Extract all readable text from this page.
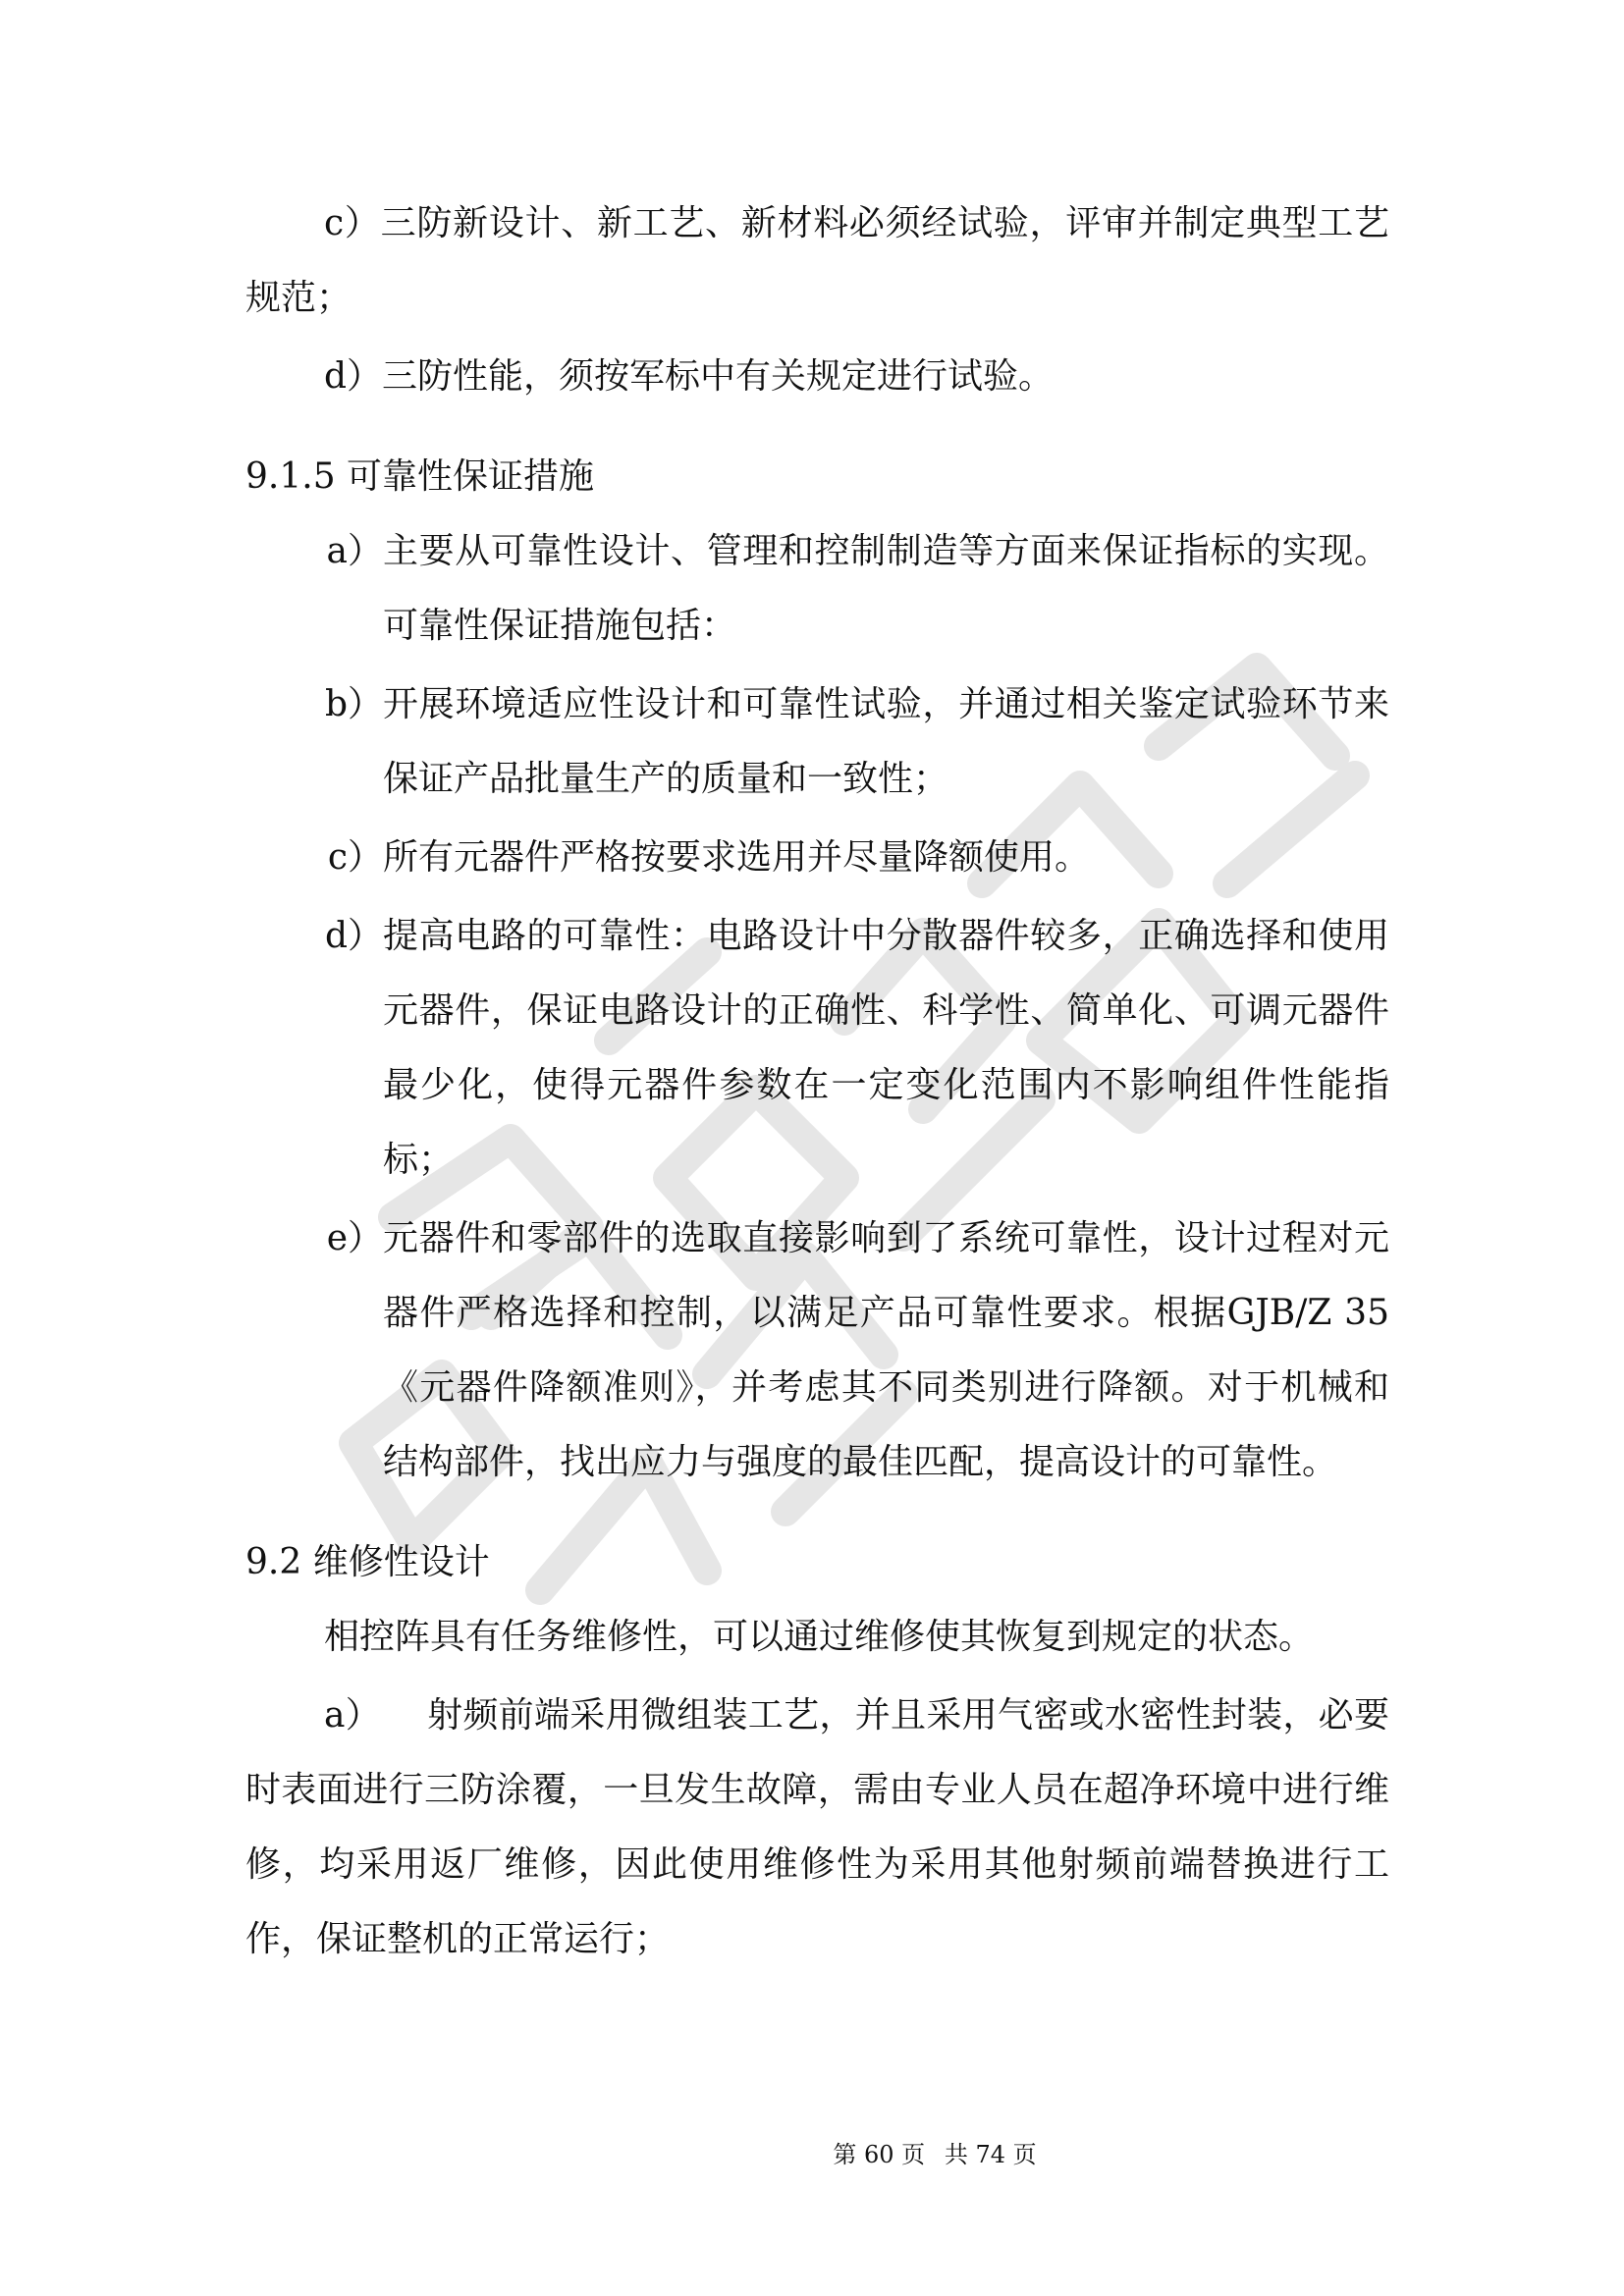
c）三防新设计、新工艺、新材料必须经试验，评审并制定典型工艺规范；

d）三防性能，须按军标中有关规定进行试验。

9.1.5 可靠性保证措施

a） 主要从可靠性设计、管理和控制制造等方面来保证指标的实现。可靠性保证措施包括：
b） 开展环境适应性设计和可靠性试验，并通过相关鉴定试验环节来保证产品批量生产的质量和一致性；
c） 所有元器件严格按要求选用并尽量降额使用。
d） 提高电路的可靠性：电路设计中分散器件较多，正确选择和使用元器件，保证电路设计的正确性、科学性、简单化、可调元器件最少化，使得元器件参数在一定变化范围内不影响组件性能指标；
e） 元器件和零部件的选取直接影响到了系统可靠性，设计过程对元器件严格选择和控制，以满足产品可靠性要求。根据GJB/Z 35《元器件降额准则》，并考虑其不同类别进行降额。对于机械和结构部件，找出应力与强度的最佳匹配，提高设计的可靠性。

9.2 维修性设计

相控阵具有任务维修性，可以通过维修使其恢复到规定的状态。

a）    射频前端采用微组装工艺，并且采用气密或水密性封装，必要时表面进行三防涂覆，一旦发生故障，需由专业人员在超净环境中进行维修，均采用返厂维修，因此使用维修性为采用其他射频前端替换进行工作，保证整机的正常运行；

第 60 页 共 74 页
